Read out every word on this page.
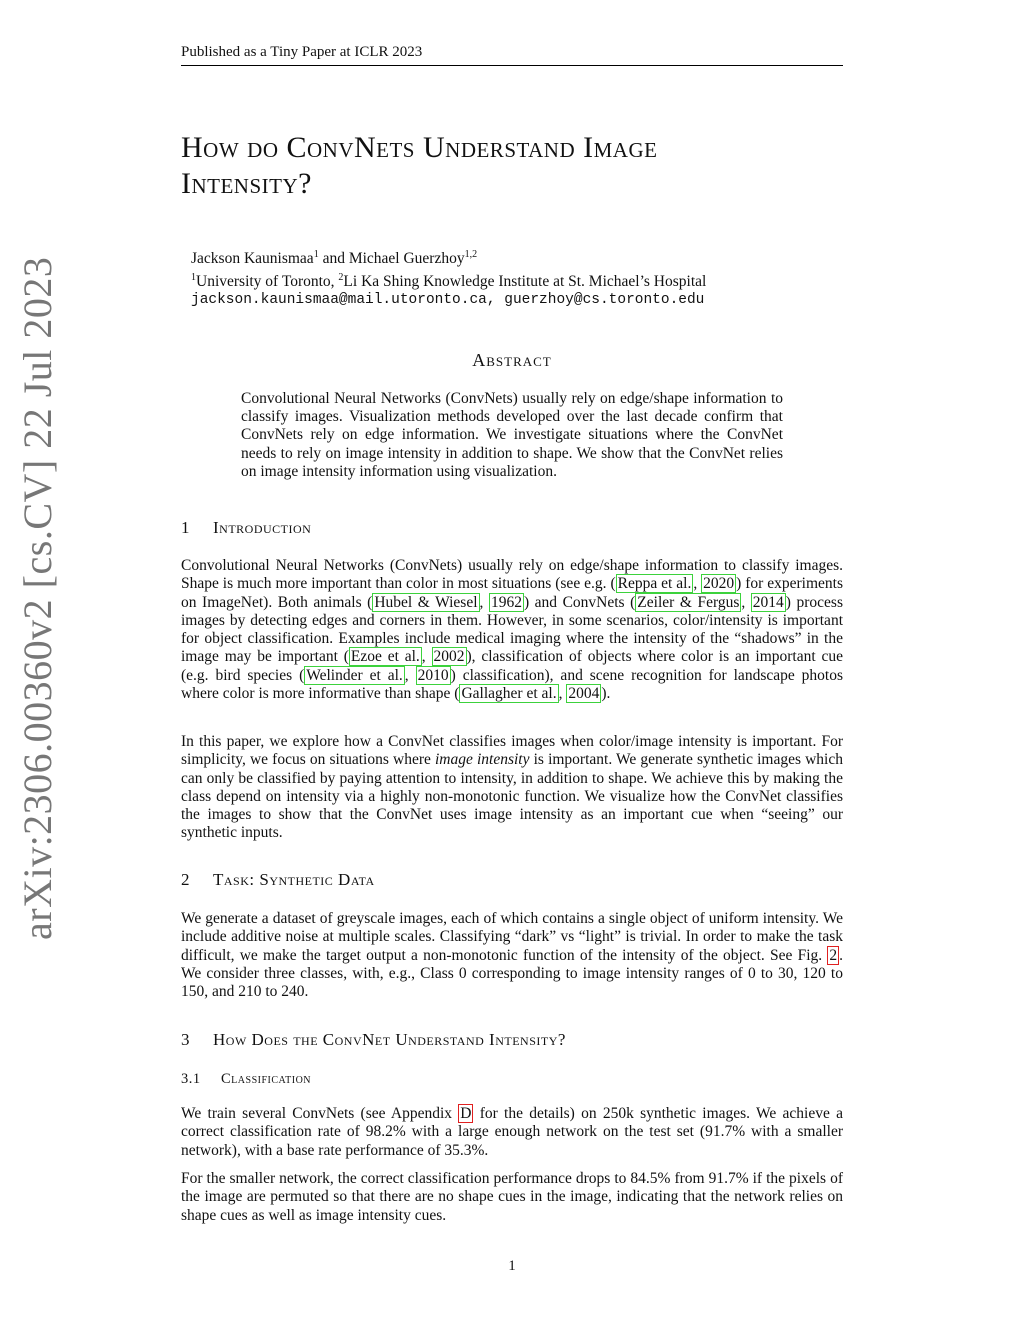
Published as a Tiny Paper at ICLR 2023
How do ConvNets Understand Image
Intensity?
Jackson Kaunismaa$^1$ and Michael Guerzhoy$^{1,2}$
$^1$University of Toronto, $^2$Li Ka Shing Knowledge Institute at St. Michael’s Hospital
jackson.kaunismaa@mail.utoronto.ca, guerzhoy@cs.toronto.edu
arXiv:2306.00360v2 [cs.CV] 22 Jul 2023	Abstract
Convolutional Neural Networks (ConvNets) usually rely on edge/shape information to classify images. Visualization methods developed over the last decade confirm that ConvNets rely on edge information. We investigate situations where the ConvNet needs to rely on image intensity in addition to shape. We show that the ConvNet relies on image intensity information using visualization.
1 Introduction

Convolutional Neural Networks (ConvNets) usually rely on edge/shape information to classify images. Shape is much more important than color in most situations (see e.g. ( Reppa et al. , 2020 ) for experiments on ImageNet). Both animals ( Hubel & Wiesel , 1962 ) and ConvNets ( Zeiler & Fergus , 2014 ) process images by detecting edges and corners in them. However, in some scenarios, color/intensity is important for object classification. Examples include medical imaging where the intensity of the “shadows” in the image may be important ( Ezoe et al. , 2002 ), classification of objects where color is an important cue (e.g. bird species ( Welinder et al. , 2010 ) classification), and scene recognition for landscape photos where color is more informative than shape ( Gallagher et al. , 2004 ).

In this paper, we explore how a ConvNet classifies images when color/image intensity is important. For simplicity, we focus on situations where image intensity is important. We generate synthetic images which can only be classified by paying attention to intensity, in addition to shape. We achieve this by making the class depend on intensity via a highly non-monotonic function. We visualize how the ConvNet classifies the images to show that the ConvNet uses image intensity as an important cue when “seeing” our synthetic inputs.

2 Task: Synthetic Data

We generate a dataset of greyscale images, each of which contains a single object of uniform intensity. We include additive noise at multiple scales. Classifying “dark” vs “light” is trivial. In order to make the task difficult, we make the target output a non-monotonic function of the intensity of the object. See Fig. 2 . We consider three classes, with, e.g., Class 0 corresponding to image intensity ranges of 0 to 30, 120 to 150, and 210 to 240.

3 How Does the ConvNet Understand Intensity?
3.1 Classification

We train several ConvNets (see Appendix D for the details) on 250k synthetic images. We achieve a correct classification rate of 98.2% with a large enough network on the test set (91.7% with a smaller network), with a base rate performance of 35.3%.

For the smaller network, the correct classification performance drops to 84.5% from 91.7% if the pixels of the image are permuted so that there are no shape cues in the image, indicating that the network relies on shape cues as well as image intensity cues.

1
